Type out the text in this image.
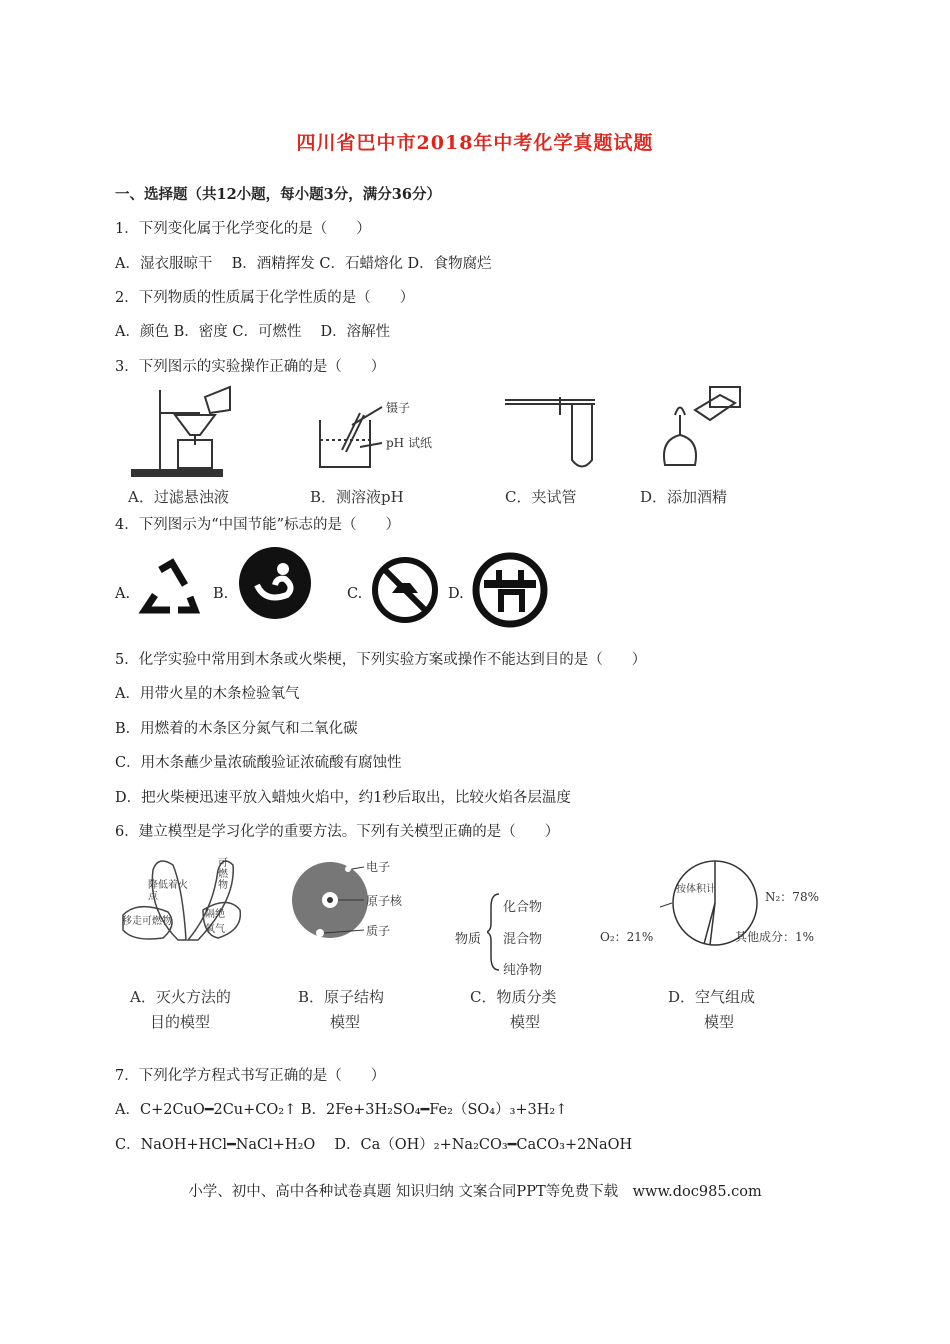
四川省巴中市2018年中考化学真题试题
一、选择题（共12小题，每小题3分，满分36分）
1．下列变化属于化学变化的是（　　）
A．湿衣服晾干　 B．酒精挥发 C．石蜡熔化 D．食物腐烂
2．下列物质的性质属于化学性质的是（　　）
A．颜色 B．密度 C．可燃性　 D．溶解性
3．下列图示的实验操作正确的是（　　）
镊子
pH 试纸
A．过滤悬浊液	B．测溶液pH	C．夹试管	D．添加酒精
4．下列图示为“中国节能”标志的是（　　）
A.	B.	C.	D.
5．化学实验中常用到木条或火柴梗，下列实验方案或操作不能达到目的是（　　）
A．用带火星的木条检验氧气
B．用燃着的木条区分氮气和二氧化碳
C．用木条蘸少量浓硫酸验证浓硫酸有腐蚀性
D．把火柴梗迅速平放入蜡烛火焰中，约1秒后取出，比较火焰各层温度
6．建立模型是学习化学的重要方法。下列有关模型正确的是（　　）
降低着火点
可燃物
移走可燃物
隔绝氧气
电子
原子核
质子
物质
化合物
混合物
纯净物
按体积计
N₂：78%
O₂：21%	其他成分：1%
A．灭火方法的
目的模型
B．原子结构
模型
C．物质分类
模型
D．空气组成
模型
7．下列化学方程式书写正确的是（　　）
A．C+2CuO━2Cu+CO₂↑ B．2Fe+3H₂SO₄━Fe₂（SO₄）₃+3H₂↑
C．NaOH+HCl━NaCl+H₂O　 D．Ca（OH）₂+Na₂CO₃━CaCO₃+2NaOH
小学、初中、高中各种试卷真题 知识归纳 文案合同PPT等免费下载　www.doc985.com
